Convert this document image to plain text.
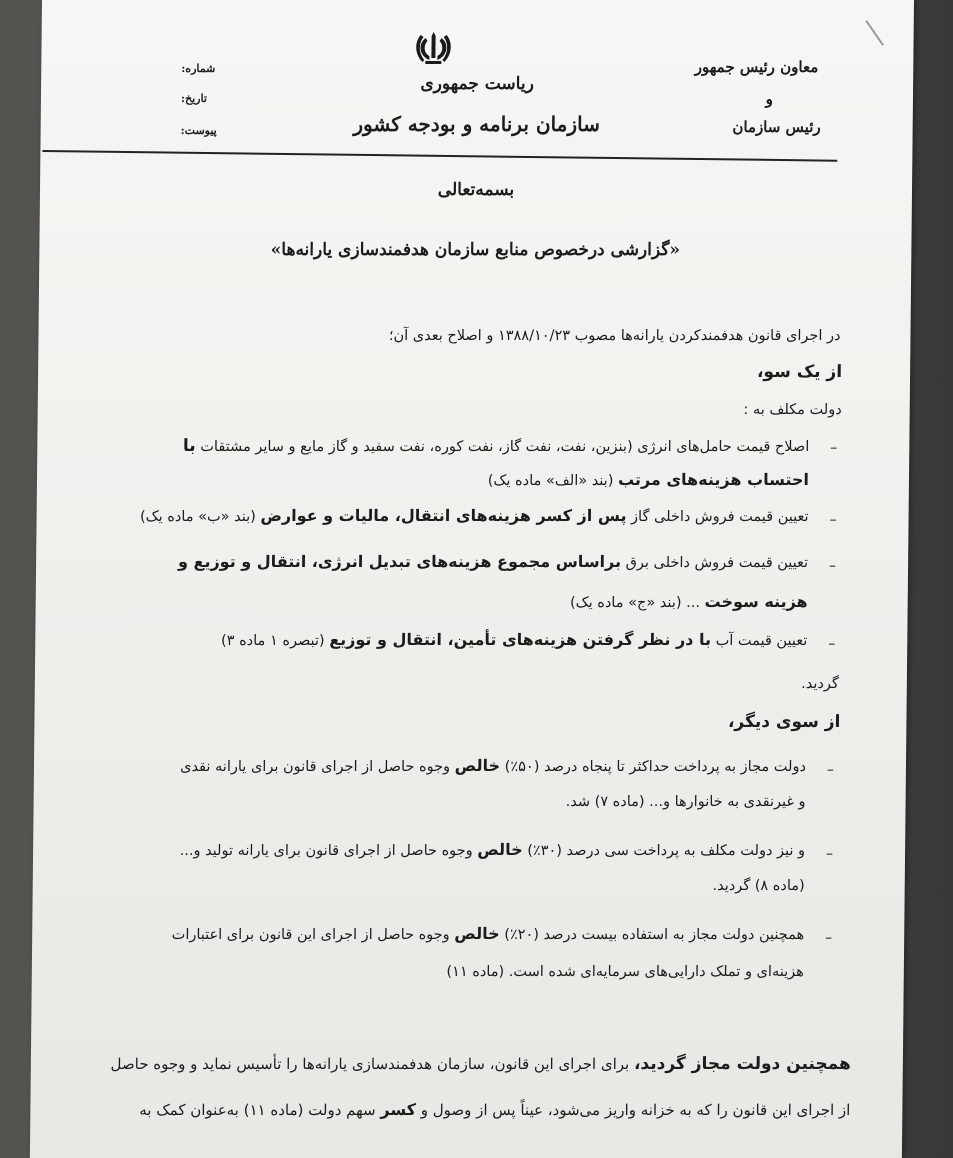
معاون رئیس جمهور
و
رئیس سازمان
ریاست جمهوری
سازمان برنامه و بودجه کشور
شماره:
تاریخ:
پیوست:
بسمه‌تعالی
«گزارشی درخصوص منابع سازمان هدفمندسازی یارانه‌ها»
در اجرای قانون هدفمندکردن یارانه‌ها مصوب ۱۳۸۸/۱۰/۲۳ و اصلاح بعدی آن؛
از یک سو،
دولت مکلف به :
–
اصلاح قیمت حامل‌های انرژی (بنزین، نفت، نفت گاز، نفت کوره، نفت سفید و گاز مایع و سایر مشتقات با
احتساب هزینه‌های مرتب (بند «الف» ماده یک)
–
تعیین قیمت فروش داخلی گاز پس از کسر هزینه‌های انتقال، مالیات و عوارض (بند «ب» ماده یک)
–
تعیین قیمت فروش داخلی برق براساس مجموع هزینه‌های تبدیل انرژی، انتقال و توزیع و
هزینه سوخت ... (بند «ج» ماده یک)
–
تعیین قیمت آب با در نظر گرفتن هزینه‌های تأمین، انتقال و توزیع (تبصره ۱ ماده ۳)
گردید.
از سوی دیگر،
–
دولت مجاز به پرداخت حداکثر تا پنجاه درصد (۵۰٪) خالص وجوه حاصل از اجرای قانون برای یارانه نقدی
و غیرنقدی به خانوارها و... (ماده ۷) شد.
–
و نیز دولت مکلف به پرداخت سی درصد (۳۰٪) خالص وجوه حاصل از اجرای قانون برای یارانه تولید و...
(ماده ۸) گردید.
–
همچنین دولت مجاز به استفاده بیست درصد (۲۰٪) خالص وجوه حاصل از اجرای این قانون برای اعتبارات
هزینه‌ای و تملک دارایی‌های سرمایه‌ای شده است. (ماده ۱۱)
همچنین دولت مجاز گردید، برای اجرای این قانون، سازمان هدفمندسازی یارانه‌ها را تأسیس نماید و وجوه حاصل
از اجرای این قانون را که به خزانه واریز می‌شود، عیناً پس از وصول و کسر سهم دولت (ماده ۱۱) به‌عنوان کمک به
